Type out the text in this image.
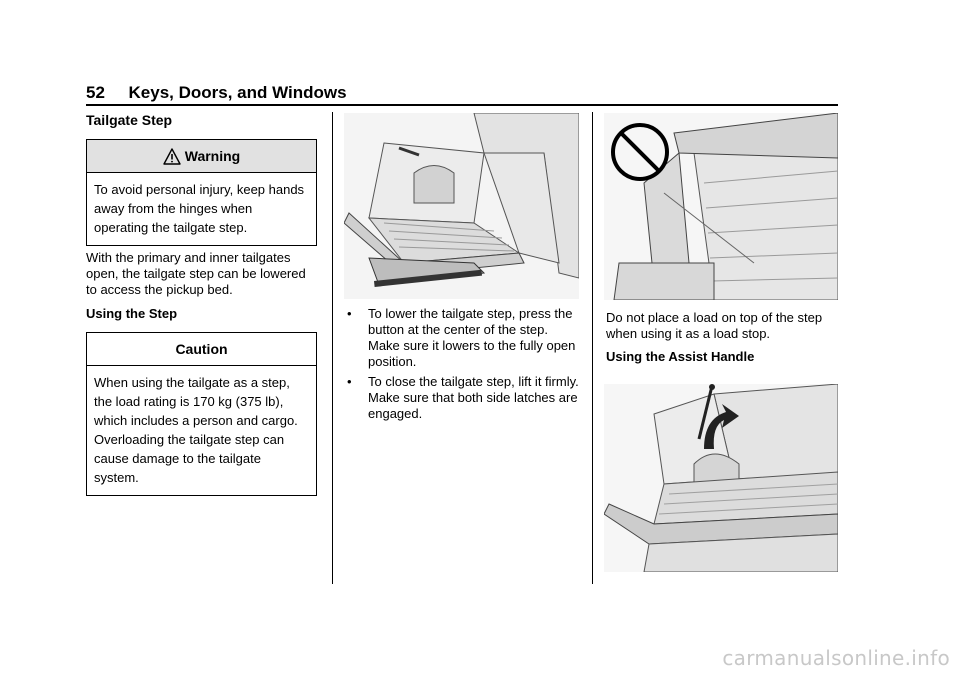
52     Keys, Doors, and Windows
Tailgate Step
Warning
To avoid personal injury, keep hands away from the hinges when operating the tailgate step.
With the primary and inner tailgates open, the tailgate step can be lowered to access the pickup bed.
Using the Step
Caution
When using the tailgate as a step, the load rating is 170 kg (375 lb), which includes a person and cargo. Overloading the tailgate step can cause damage to the tailgate system.
• To lower the tailgate step, press the button at the center of the step. Make sure it lowers to the fully open position.
• To close the tailgate step, lift it firmly. Make sure that both side latches are engaged.
Do not place a load on top of the step when using it as a load stop.
Using the Assist Handle
carmanualsonline.info
